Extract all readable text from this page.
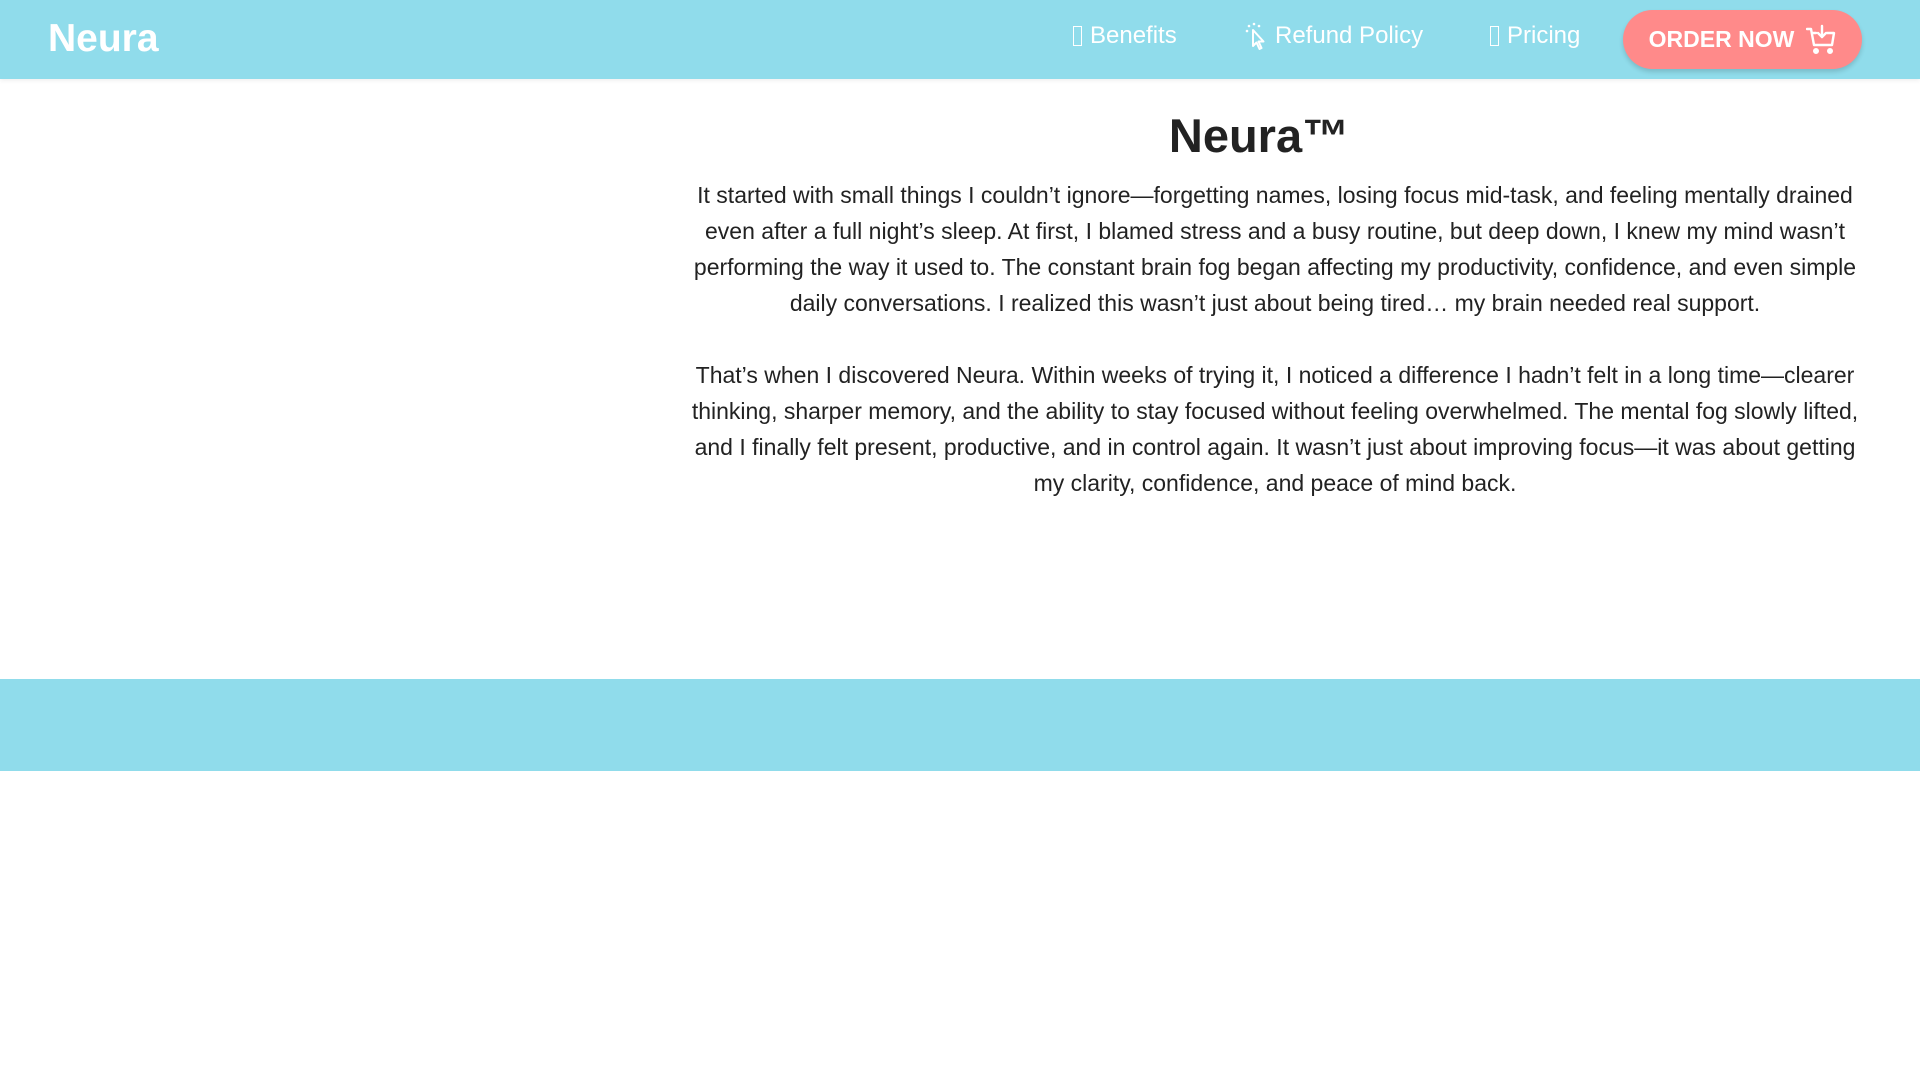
Neura	Benefits	Refund Policy	Pricing	ORDER NOW
Neura™

It started with small things I couldn’t ignore—forgetting names, losing focus mid-task, and feeling mentally drained even after a full night’s sleep. At first, I blamed stress and a busy routine, but deep down, I knew my mind wasn’t performing the way it used to. The constant brain fog began affecting my productivity, confidence, and even simple daily conversations. I realized this wasn’t just about being tired… my brain needed real support.

That’s when I discovered Neura. Within weeks of trying it, I noticed a difference I hadn’t felt in a long time—clearer thinking, sharper memory, and the ability to stay focused without feeling overwhelmed. The mental fog slowly lifted, and I finally felt present, productive, and in control again. It wasn’t just about improving focus—it was about getting my clarity, confidence, and peace of mind back.
